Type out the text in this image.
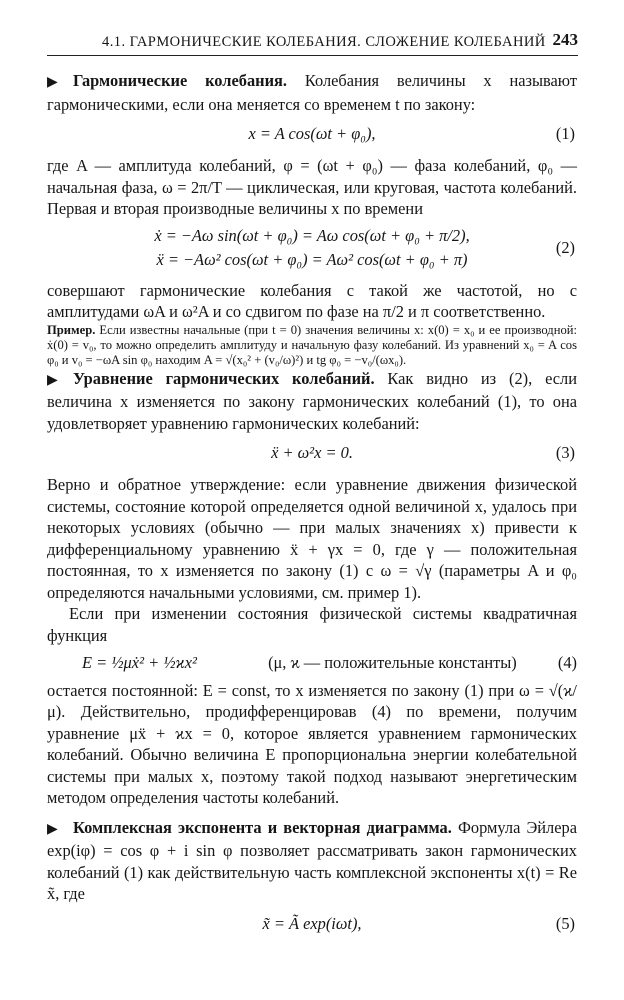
4.1. ГАРМОНИЧЕСКИЕ КОЛЕБАНИЯ. СЛОЖЕНИЕ КОЛЕБАНИЙ 243

▶ Гармонические колебания. Колебания величины x называют гармоническими, если она меняется со временем t по закону:

x = A cos(ωt + φ₀),	(1)

где A — амплитуда колебаний, φ = (ωt + φ₀) — фаза колебаний, φ₀ — начальная фаза, ω = 2π/T — циклическая, или круговая, частота колебаний. Первая и вторая производные величины x по времени

ẋ = −Aω sin(ωt + φ₀) = Aω cos(ωt + φ₀ + π/2),
ẍ = −Aω² cos(ωt + φ₀) = Aω² cos(ωt + φ₀ + π)
(2)

совершают гармонические колебания с такой же частотой, но с амплитудами ωA и ω²A и со сдвигом по фазе на π/2 и π соответственно.

Пример. Если известны начальные (при t = 0) значения величины x: x(0) = x₀ и ее производной: ẋ(0) = v₀, то можно определить амплитуду и начальную фазу колебаний. Из уравнений x₀ = A cos φ₀ и v₀ = −ωA sin φ₀ находим A = √(x₀² + (v₀/ω)²) и tg φ₀ = −v₀/(ωx₀).

▶ Уравнение гармонических колебаний. Как видно из (2), если величина x изменяется по закону гармонических колебаний (1), то она удовлетворяет уравнению гармонических колебаний:

ẍ + ω²x = 0.	(3)

Верно и обратное утверждение: если уравнение движения физической системы, состояние которой определяется одной величиной x, удалось при некоторых условиях (обычно — при малых значениях x) привести к дифференциальному уравнению ẍ + γx = 0, где γ — положительная постоянная, то x изменяется по закону (1) с ω = √γ (параметры A и φ₀ определяются начальными условиями, см. пример 1).

Если при изменении состояния физической системы квадратичная функция

E = ½μẋ² + ½ϰx²	(μ, ϰ — положительные константы)	(4)

остается постоянной: E = const, то x изменяется по закону (1) при ω = √(ϰ/μ). Действительно, продифференцировав (4) по времени, получим уравнение μẍ + ϰx = 0, которое является уравнением гармонических колебаний. Обычно величина E пропорциональна энергии колебательной системы при малых x, поэтому такой подход называют энергетическим методом определения частоты колебаний.

▶ Комплексная экспонента и векторная диаграмма. Формула Эйлера exp(iφ) = cos φ + i sin φ позволяет рассматривать закон гармонических колебаний (1) как действительную часть комплексной экспоненты x(t) = Re x̃, где

x̃ = Ã exp(iωt),	(5)
